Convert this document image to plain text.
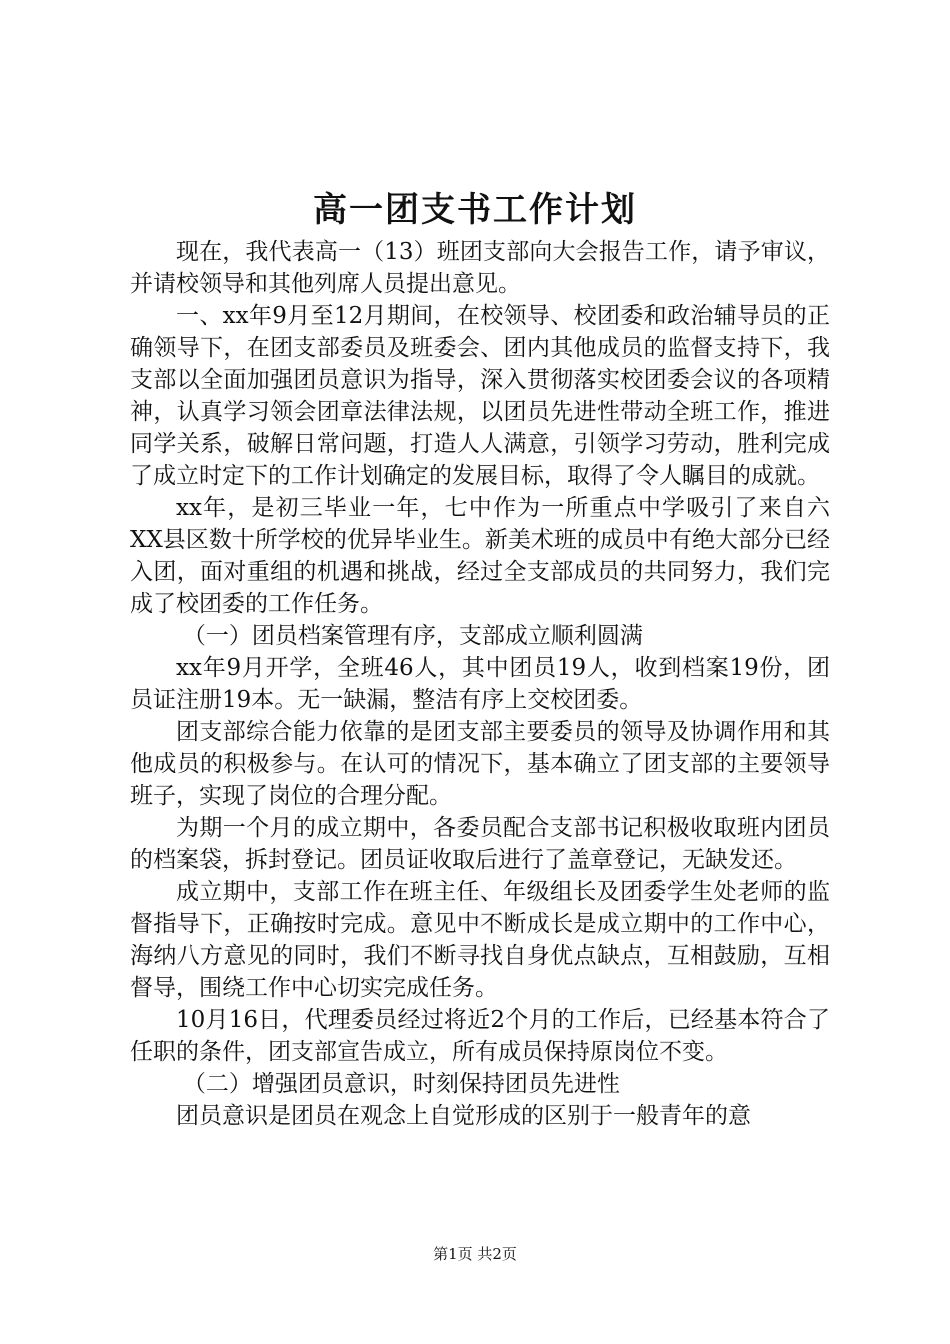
高一团支书工作计划

现在，我代表高一（13）班团支部向大会报告工作，请予审议，并请校领导和其他列席人员提出意见。

一、xx年9月至12月期间，在校领导、校团委和政治辅导员的正确领导下，在团支部委员及班委会、团内其他成员的监督支持下，我支部以全面加强团员意识为指导，深入贯彻落实校团委会议的各项精神，认真学习领会团章法律法规，以团员先进性带动全班工作，推进同学关系，破解日常问题，打造人人满意，引领学习劳动，胜利完成了成立时定下的工作计划确定的发展目标，取得了令人瞩目的成就。

xx年，是初三毕业一年，七中作为一所重点中学吸引了来自六XX县区数十所学校的优异毕业生。新美术班的成员中有绝大部分已经入团，面对重组的机遇和挑战，经过全支部成员的共同努力，我们完成了校团委的工作任务。

（一）团员档案管理有序，支部成立顺利圆满

xx年9月开学，全班46人，其中团员19人，收到档案19份，团员证注册19本。无一缺漏，整洁有序上交校团委。

团支部综合能力依靠的是团支部主要委员的领导及协调作用和其他成员的积极参与。在认可的情况下，基本确立了团支部的主要领导班子，实现了岗位的合理分配。

为期一个月的成立期中，各委员配合支部书记积极收取班内团员的档案袋，拆封登记。团员证收取后进行了盖章登记，无缺发还。

成立期中，支部工作在班主任、年级组长及团委学生处老师的监督指导下，正确按时完成。意见中不断成长是成立期中的工作中心，海纳八方意见的同时，我们不断寻找自身优点缺点，互相鼓励，互相督导，围绕工作中心切实完成任务。

10月16日，代理委员经过将近2个月的工作后，已经基本符合了任职的条件，团支部宣告成立，所有成员保持原岗位不变。

（二）增强团员意识，时刻保持团员先进性

团员意识是团员在观念上自觉形成的区别于一般青年的意

第1页 共2页
